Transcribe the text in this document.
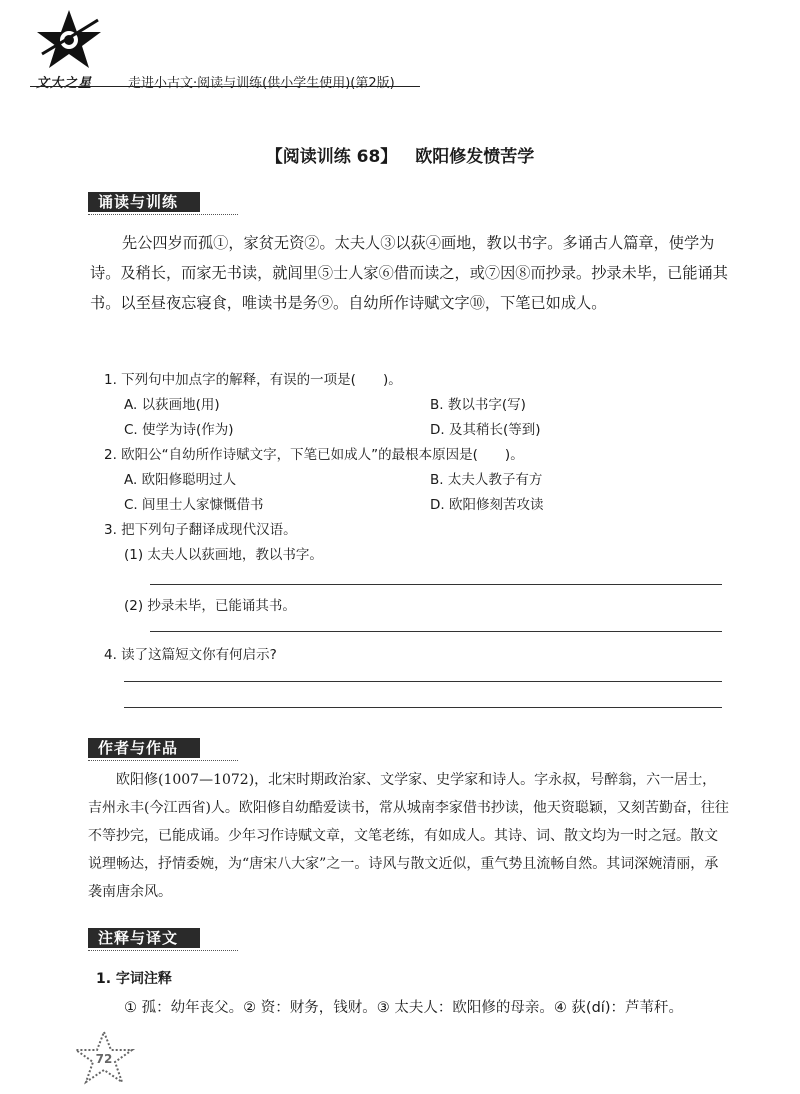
文大之星	走进小古文·阅读与训练(供小学生使用)(第2版)
【阅读训练 68】 欧阳修发愤苦学
诵读与训练

先公四岁而孤①，家贫无资②。太夫人③以荻④画地，教以书字。多诵古人篇章，使学为诗。及稍长，而家无书读，就闾里⑤士人家⑥借而读之，或⑦因⑧而抄录。抄录未毕，已能诵其书。以至昼夜忘寝食，唯读书是务⑨。自幼所作诗赋文字⑩，下笔已如成人。

1. 下列句中加点字的解释，有误的一项是(　　)。
A. 以荻画地(用)	B. 教以书字(写)
C. 使学为诗(作为)	D. 及其稍长(等到)
2. 欧阳公“自幼所作诗赋文字，下笔已如成人”的最根本原因是(　　)。
A. 欧阳修聪明过人	B. 太夫人教子有方
C. 闾里士人家慷慨借书	D. 欧阳修刻苦攻读
3. 把下列句子翻译成现代汉语。
(1) 太夫人以荻画地，教以书字。
(2) 抄录未毕，已能诵其书。
4. 读了这篇短文你有何启示?
作者与作品

欧阳修(1007—1072)，北宋时期政治家、文学家、史学家和诗人。字永叔，号醉翁，六一居士，吉州永丰(今江西省)人。欧阳修自幼酷爱读书，常从城南李家借书抄读，他天资聪颖，又刻苦勤奋，往往不等抄完，已能成诵。少年习作诗赋文章，文笔老练，有如成人。其诗、词、散文均为一时之冠。散文说理畅达，抒情委婉，为“唐宋八大家”之一。诗风与散文近似，重气势且流畅自然。其词深婉清丽，承袭南唐余风。

注释与译文
1. 字词注释
① 孤：幼年丧父。② 资：财务，钱财。③ 太夫人：欧阳修的母亲。④ 荻(dí)：芦苇秆。
72
